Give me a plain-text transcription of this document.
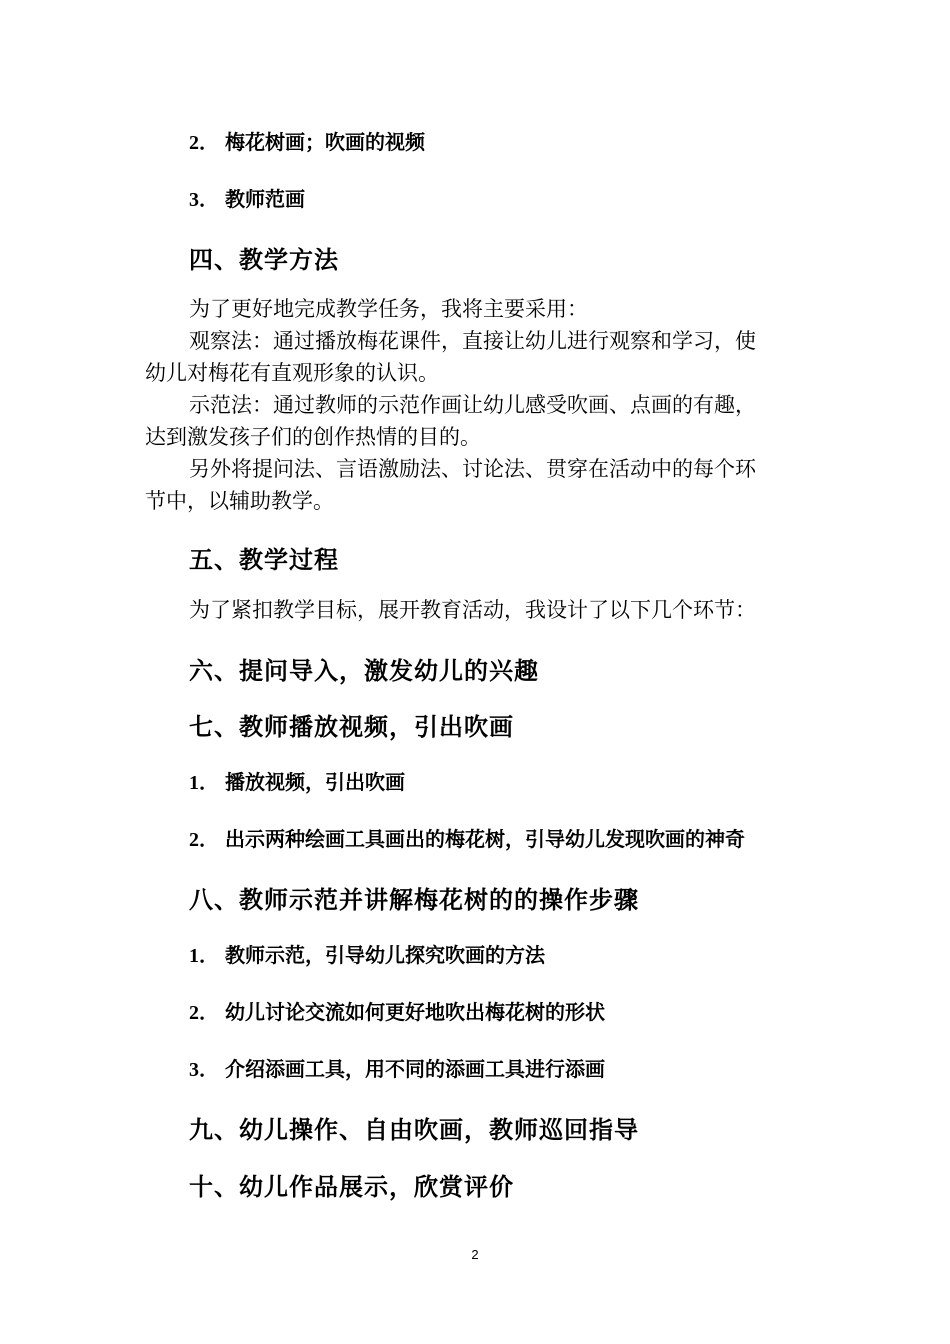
2． 梅花树画；吹画的视频
3． 教师范画
四、教学方法
为了更好地完成教学任务，我将主要采用：
观察法：通过播放梅花课件，直接让幼儿进行观察和学习，使
幼儿对梅花有直观形象的认识。
示范法：通过教师的示范作画让幼儿感受吹画、点画的有趣，
达到激发孩子们的创作热情的目的。
另外将提问法、言语激励法、讨论法、贯穿在活动中的每个环
节中，以辅助教学。
五、教学过程
为了紧扣教学目标，展开教育活动，我设计了以下几个环节：
六、提问导入，激发幼儿的兴趣
七、教师播放视频，引出吹画
1． 播放视频，引出吹画
2． 出示两种绘画工具画出的梅花树，引导幼儿发现吹画的神奇
八、教师示范并讲解梅花树的的操作步骤
1． 教师示范，引导幼儿探究吹画的方法
2． 幼儿讨论交流如何更好地吹出梅花树的形状
3． 介绍添画工具，用不同的添画工具进行添画
九、幼儿操作、自由吹画，教师巡回指导
十、幼儿作品展示，欣赏评价
2
